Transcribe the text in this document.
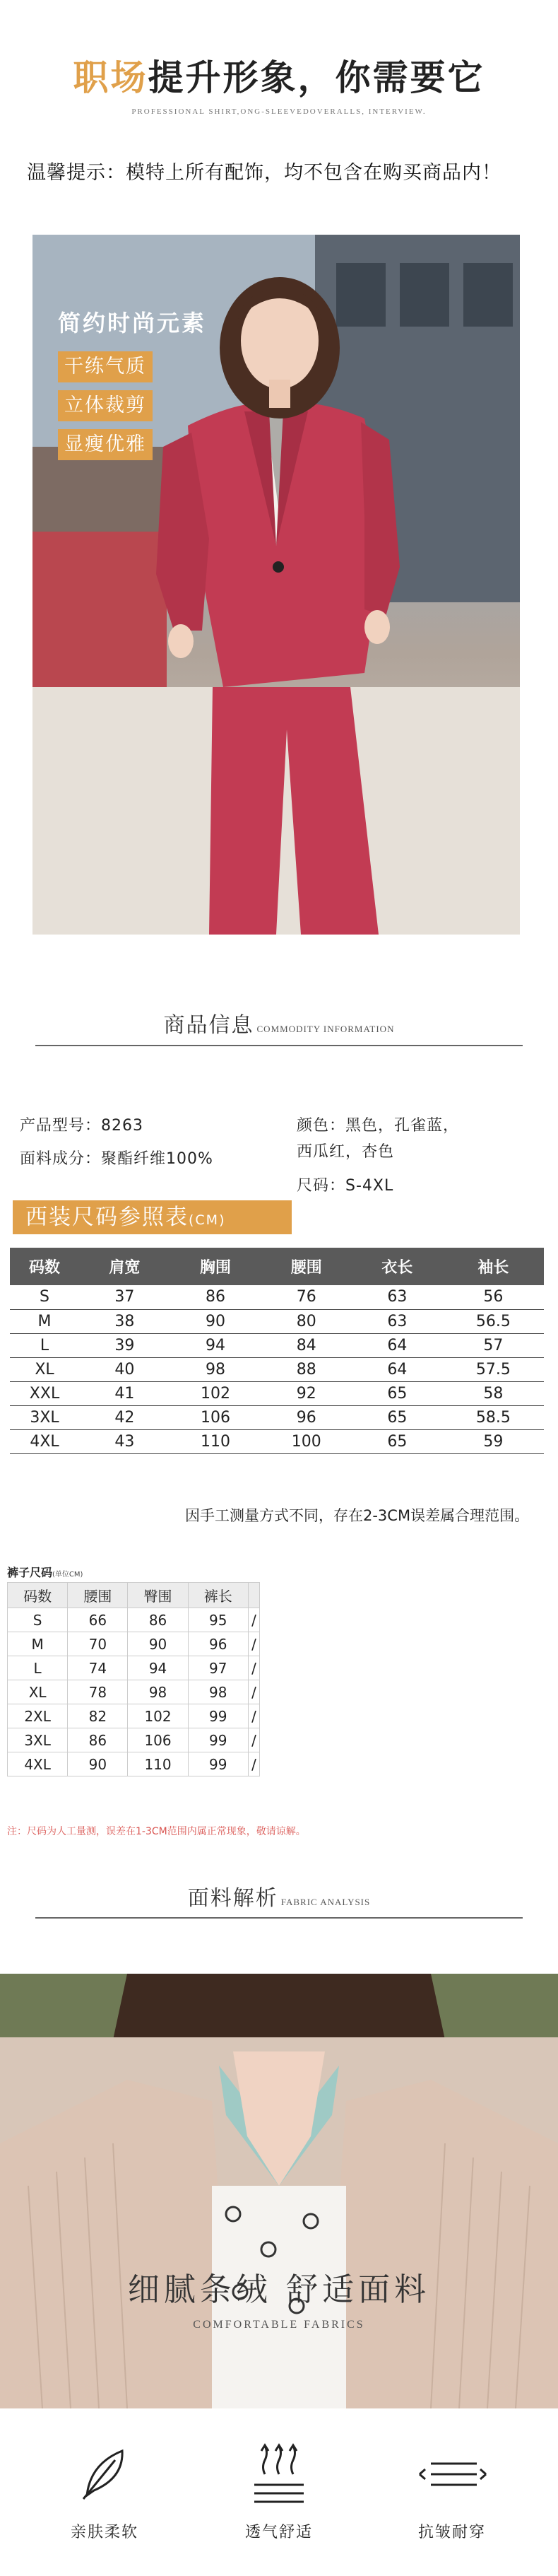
职场提升形象，你需要它
PROFESSIONAL SHIRT,ONG-SLEEVEDOVERALLS, INTERVIEW.
温馨提示：模特上所有配饰，均不包含在购买商品内！
简约时尚元素
干练气质
立体裁剪
显瘦优雅
商品信息 COMMODITY INFORMATION
产品型号：8263
面料成分：聚酯纤维100%
颜色：黑色，孔雀蓝，
西瓜红，杏色
尺码：S-4XL
西装尺码参照表(CM)
码数	肩宽	胸围	腰围	衣长	袖长
S	37	86	76	63	56
M	38	90	80	63	56.5
L	39	94	84	64	57
XL	40	98	88	64	57.5
XXL	41	102	92	65	58
3XL	42	106	96	65	58.5
4XL	43	110	100	65	59
因手工测量方式不同，存在2-3CM误差属合理范围。
裤子尺码(单位CM)
码数	腰围	臀围	裤长	
S	66	86	95	/
M	70	90	96	/
L	74	94	97	/
XL	78	98	98	/
2XL	82	102	99	/
3XL	86	106	99	/
4XL	90	110	99	/
注：尺码为人工量测，误差在1-3CM范围内属正常现象，敬请谅解。
面料解析 FABRIC ANALYSIS
细腻条绒 舒适面料
COMFORTABLE FABRICS
亲肤柔软	透气舒适	抗皱耐穿
